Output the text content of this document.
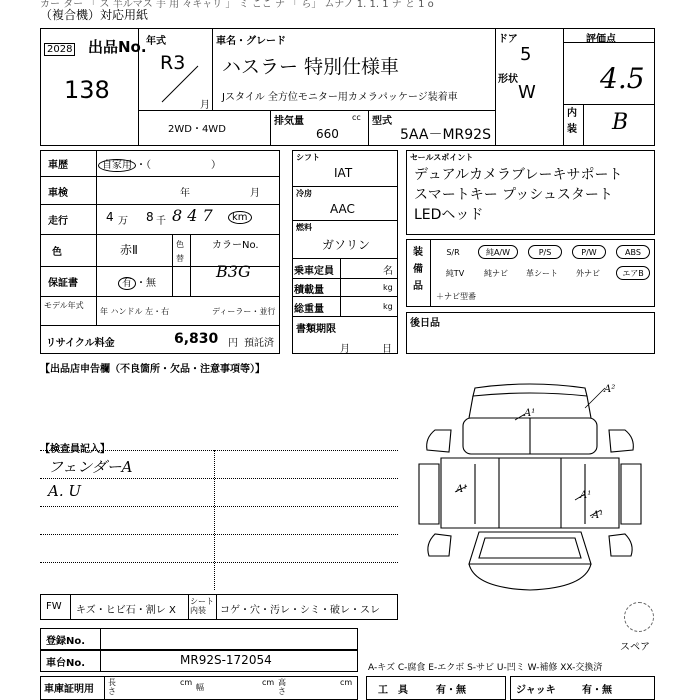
カー ター 「 ス 半ルマス 手 用 々キャリ 」 ミ ここ ナ 「 ら」 ムナノ 1. 1. 1 ナ と 1 o
（複合機）対応用紙
出品No.
2028
138
年式
R3
月
車名・グレード
ハスラー 特別仕様車
Jスタイル 全方位モニター用カメラパッケージ装着車
ドア
5
形状
W
評価点
4.5
内装 B
2WD・4WD
排気量	cc
660
型式
5AA－MR92S
車歴	自家用 ・（　　　　　　）
車検	年	月
走行	4 万 8 千 8 4 7	km
色	赤Ⅱ	色替
カラーNo.
B3G
保証書	有 ・無
モデル年式
年 ハンドル 左・右	ディーラー・並行
リサイクル料金	6,830 円 預託済
シフト
IAT
冷房
AAC
燃料
ガソリン
乗車定員	名
積載量	kg
総重量	kg
書類期限
月	日
セールスポイント
デュアルカメラブレーキサポート
スマートキー プッシュスタート
LEDヘッド
装備品
S/R	純A/W	P/S	P/W	ABS
純TV	純ナビ	革シート	外ナビ	エアB
＋ナビ型番
後日品
【出品店申告欄（不良箇所・欠品・注意事項等）】
【検査員記入】
フェンダーA
A. U
A²
A¹
A¹
A¹
A¹
スペア
FW キズ・ヒビ石・割レ X
シート内装	コゲ・穴・汚レ・シミ・破レ・スレ
登録No.
車台No.	MR92S-172054
車庫証明用
長さ
cm
幅
cm 高さ
cm
A-キズ C-腐食 E-エクボ S-サビ U-凹ミ W-補修 XX-交換済
工　具	有・無	ジャッキ	有・無
